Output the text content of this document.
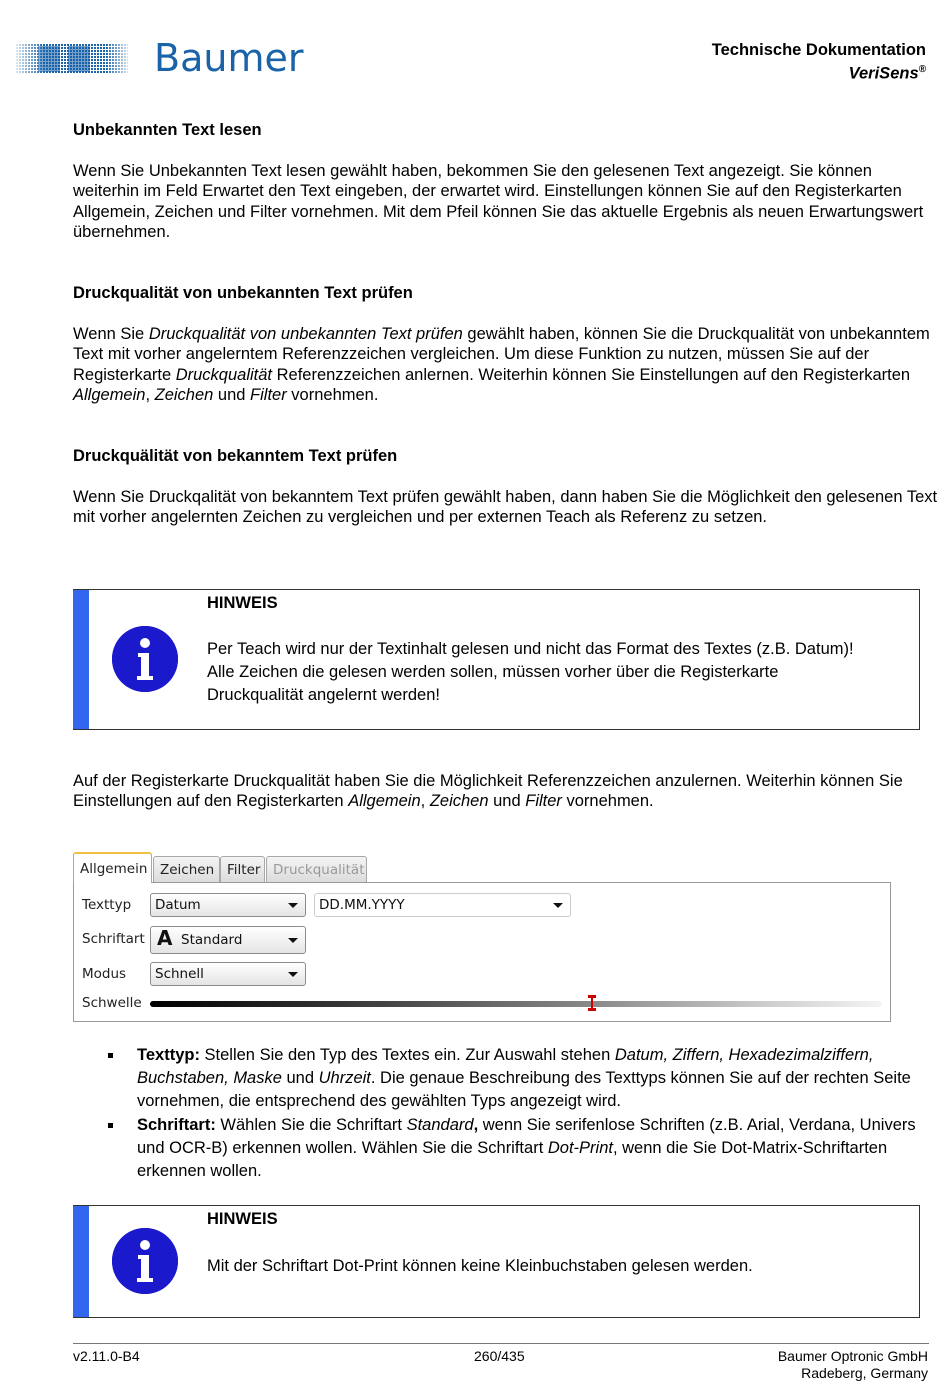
Baumer	Technische Dokumentation
VeriSens®
Unbekannten Text lesen
Wenn Sie Unbekannten Text lesen gewählt haben, bekommen Sie den gelesenen Text angezeigt. Sie können weiterhin im Feld Erwartet den Text eingeben, der erwartet wird. Einstellungen können Sie auf den Registerkarten Allgemein, Zeichen und Filter vornehmen. Mit dem Pfeil können Sie das aktuelle Ergebnis als neuen Erwartungswert übernehmen.
Druckqualität von unbekannten Text prüfen
Wenn Sie Druckqualität von unbekannten Text prüfen gewählt haben, können Sie die Druckqualität von unbekanntem Text mit vorher angelerntem Referenzzeichen vergleichen. Um diese Funktion zu nutzen, müssen Sie auf der Registerkarte Druckqualität Referenzzeichen anlernen. Weiterhin können Sie Einstellungen auf den Registerkarten Allgemein, Zeichen und Filter vornehmen.
Druckquälität von bekanntem Text prüfen
Wenn Sie Druckqalität von bekanntem Text prüfen gewählt haben, dann haben Sie die Möglichkeit den gelesenen Text mit vorher angelernten Zeichen zu vergleichen und per externen Teach als Referenz zu setzen.
HINWEIS
Per Teach wird nur der Textinhalt gelesen und nicht das Format des Textes (z.B. Datum)!
Alle Zeichen die gelesen werden sollen, müssen vorher über die Registerkarte
Druckqualität angelernt werden!
Auf der Registerkarte Druckqualität haben Sie die Möglichkeit Referenzzeichen anzulernen. Weiterhin können Sie Einstellungen auf den Registerkarten Allgemein, Zeichen und Filter vornehmen.
Allgemein Zeichen Filter Druckqualität
Texttyp	Datum	DD.MM.YYYY
Schriftart A Standard
Modus	Schnell
Schwelle
Texttyp: Stellen Sie den Typ des Textes ein. Zur Auswahl stehen Datum, Ziffern, Hexadezimalziffern, Buchstaben, Maske und Uhrzeit. Die genaue Beschreibung des Texttyps können Sie auf der rechten Seite vornehmen, die entsprechend des gewählten Typs angezeigt wird.
Schriftart: Wählen Sie die Schriftart Standard, wenn Sie serifenlose Schriften (z.B. Arial, Verdana, Univers und OCR-B) erkennen wollen. Wählen Sie die Schriftart Dot-Print, wenn die Sie Dot-Matrix-Schriftarten erkennen wollen.
HINWEIS
Mit der Schriftart Dot-Print können keine Kleinbuchstaben gelesen werden.
v2.11.0-B4	260/435	Baumer Optronic GmbH
Radeberg, Germany
